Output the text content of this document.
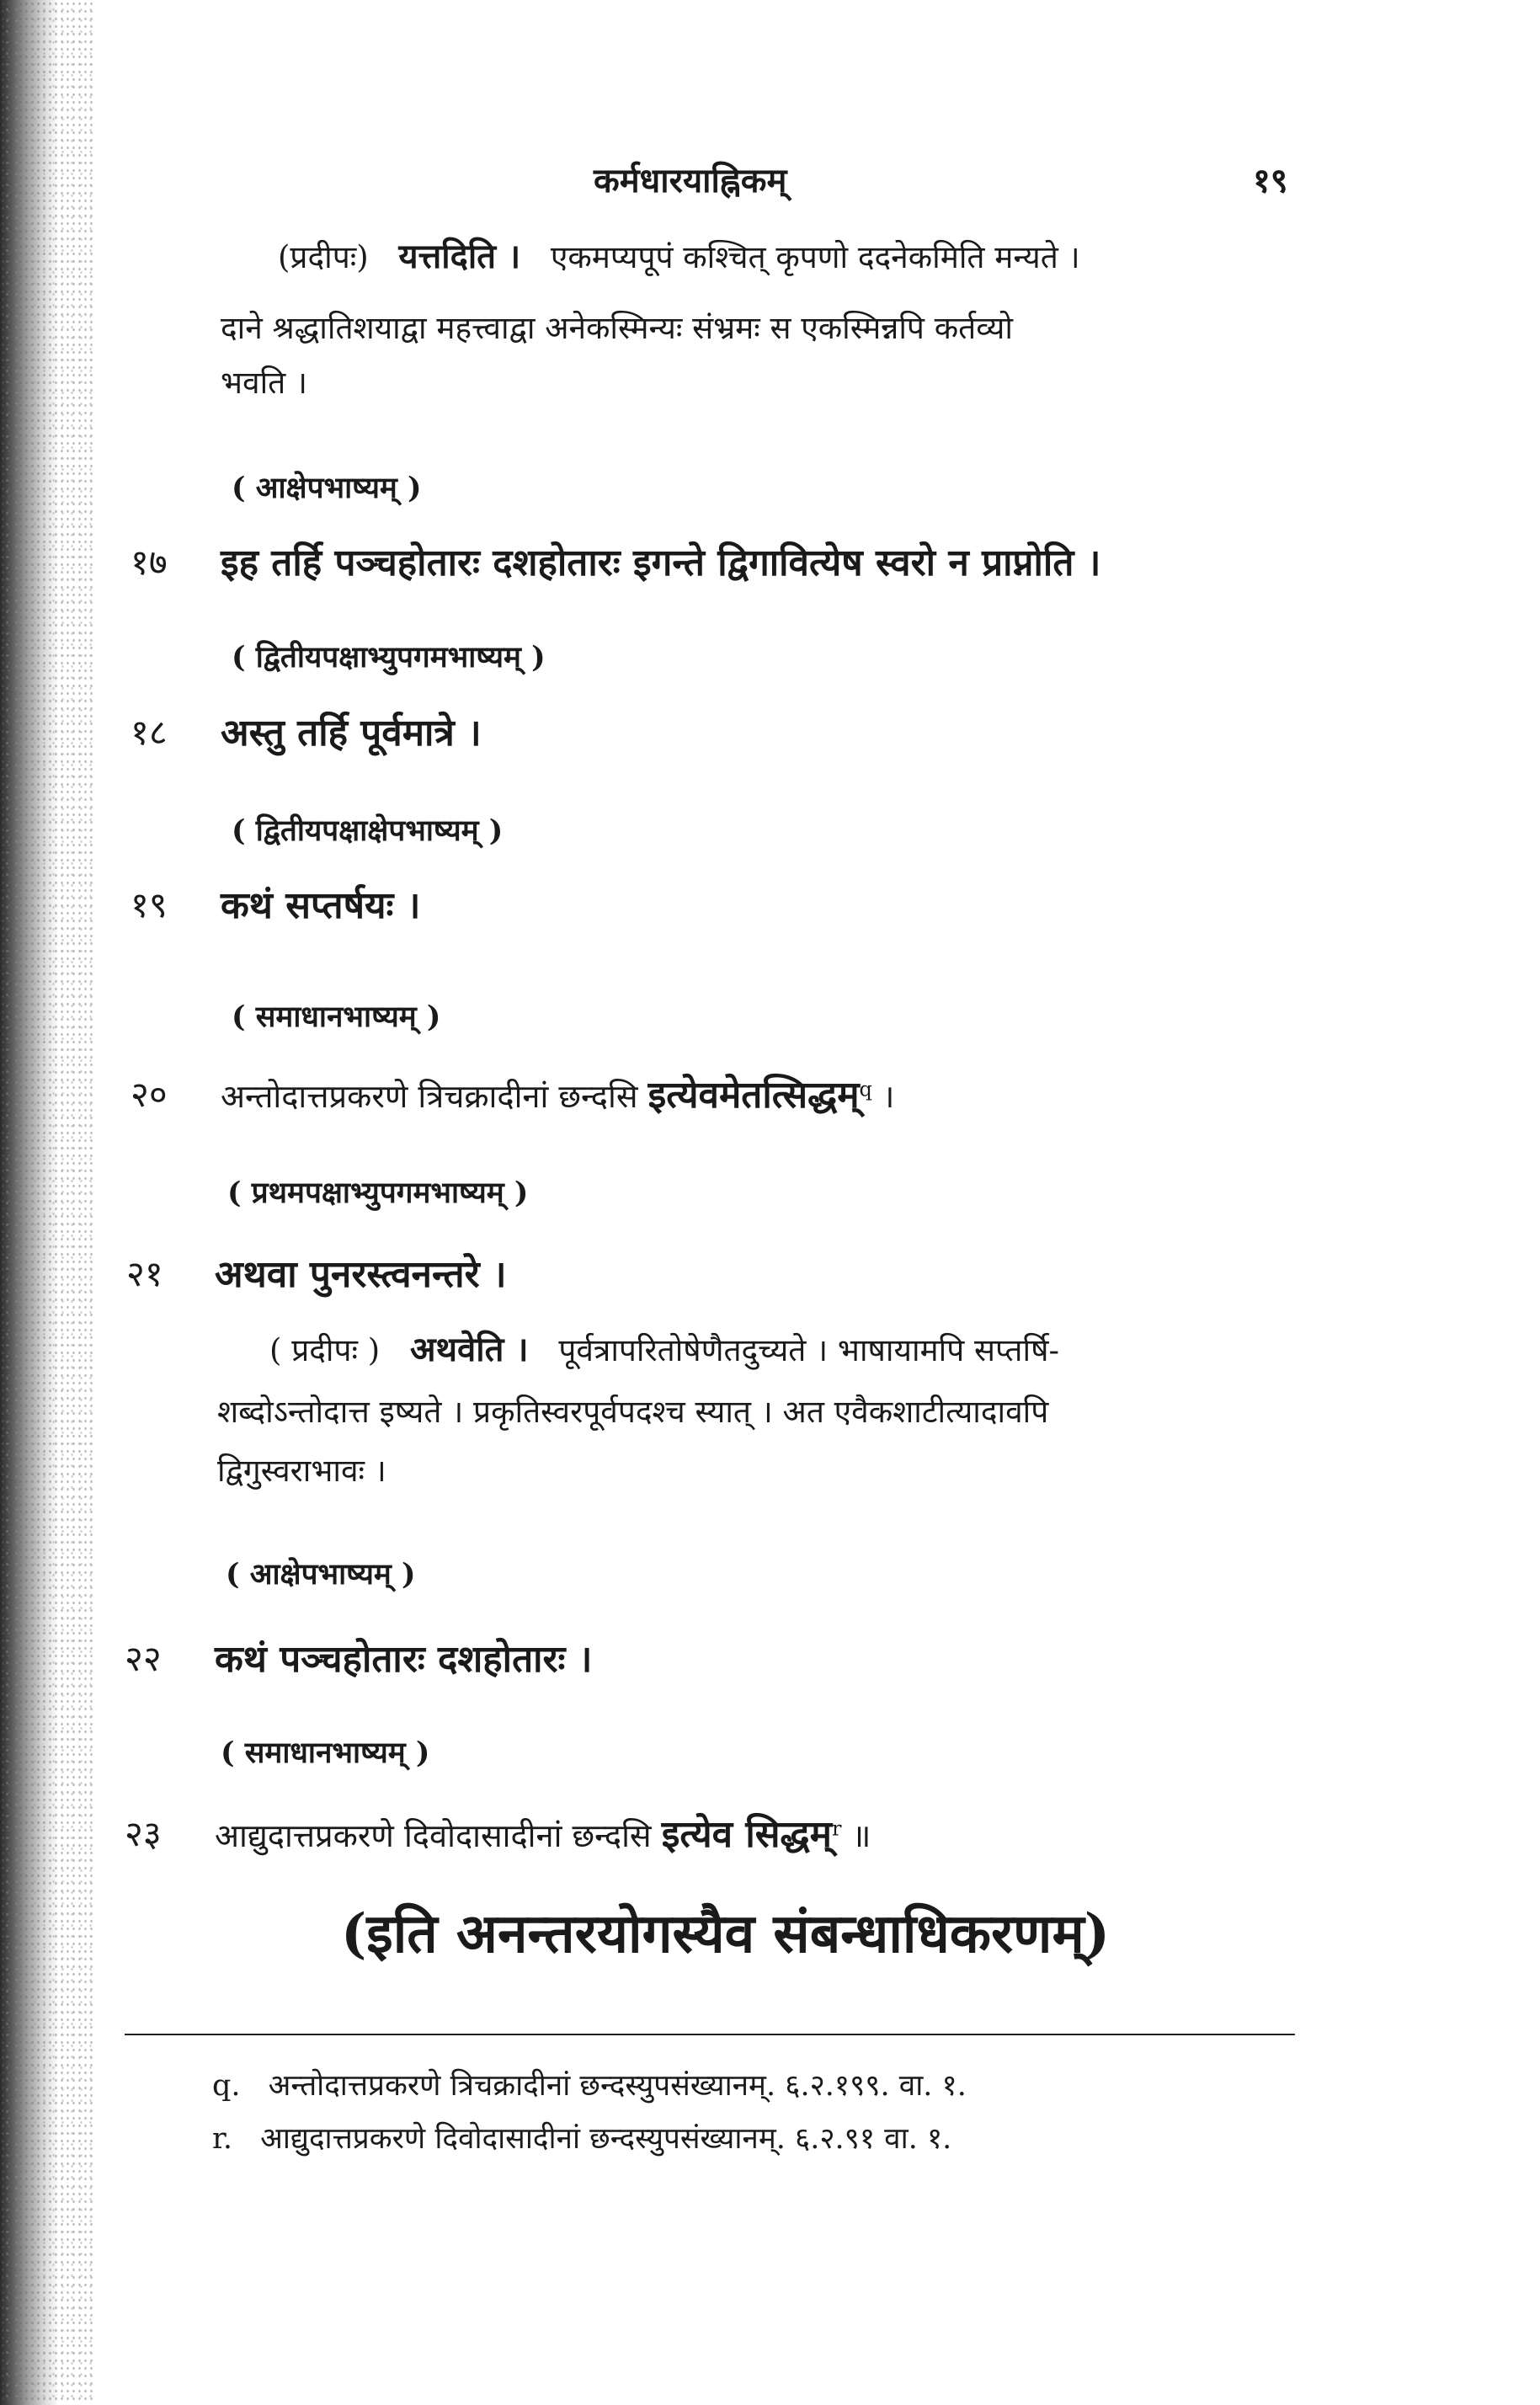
कर्मधारयाह्निकम्	१९
(प्रदीपः) यत्तदिति । एकमप्यपूपं कश्चित् कृपणो ददनेकमिति मन्यते ।
दाने श्रद्धातिशयाद्वा महत्त्वाद्वा अनेकस्मिन्यः संभ्रमः स एकस्मिन्नपि कर्तव्यो
भवति ।
( आक्षेपभाष्यम् )
१७ इह तर्हि पञ्चहोतारः दशहोतारः इगन्ते द्विगावित्येष स्वरो न प्राप्नोति ।
( द्वितीयपक्षाभ्युपगमभाष्यम् )
१८ अस्तु तर्हि पूर्वमात्रे ।
( द्वितीयपक्षाक्षेपभाष्यम् )
१९ कथं सप्तर्षयः ।
( समाधानभाष्यम् )
२० अन्तोदात्तप्रकरणे त्रिचक्रादीनां छन्दसि इत्येवमेतत्सिद्धम्$^q$ ।
( प्रथमपक्षाभ्युपगमभाष्यम् )
२१ अथवा पुनरस्त्वनन्तरे ।
( प्रदीपः ) अथवेति । पूर्वत्रापरितोषेणैतदुच्यते । भाषायामपि सप्तर्षि-
शब्दोऽन्तोदात्त इष्यते । प्रकृतिस्वरपूर्वपदश्च स्यात् । अत एवैकशाटीत्यादावपि
द्विगुस्वराभावः ।
( आक्षेपभाष्यम् )
२२ कथं पञ्चहोतारः दशहोतारः ।
( समाधानभाष्यम् )
२३ आद्युदात्तप्रकरणे दिवोदासादीनां छन्दसि इत्येव सिद्धम्$^r$ ॥
(इति अनन्तरयोगस्यैव संबन्धाधिकरणम्)
q. अन्तोदात्तप्रकरणे त्रिचक्रादीनां छन्दस्युपसंख्यानम्. ६.२.१९९. वा. १.
r. आद्युदात्तप्रकरणे दिवोदासादीनां छन्दस्युपसंख्यानम्. ६.२.९१ वा. १.
